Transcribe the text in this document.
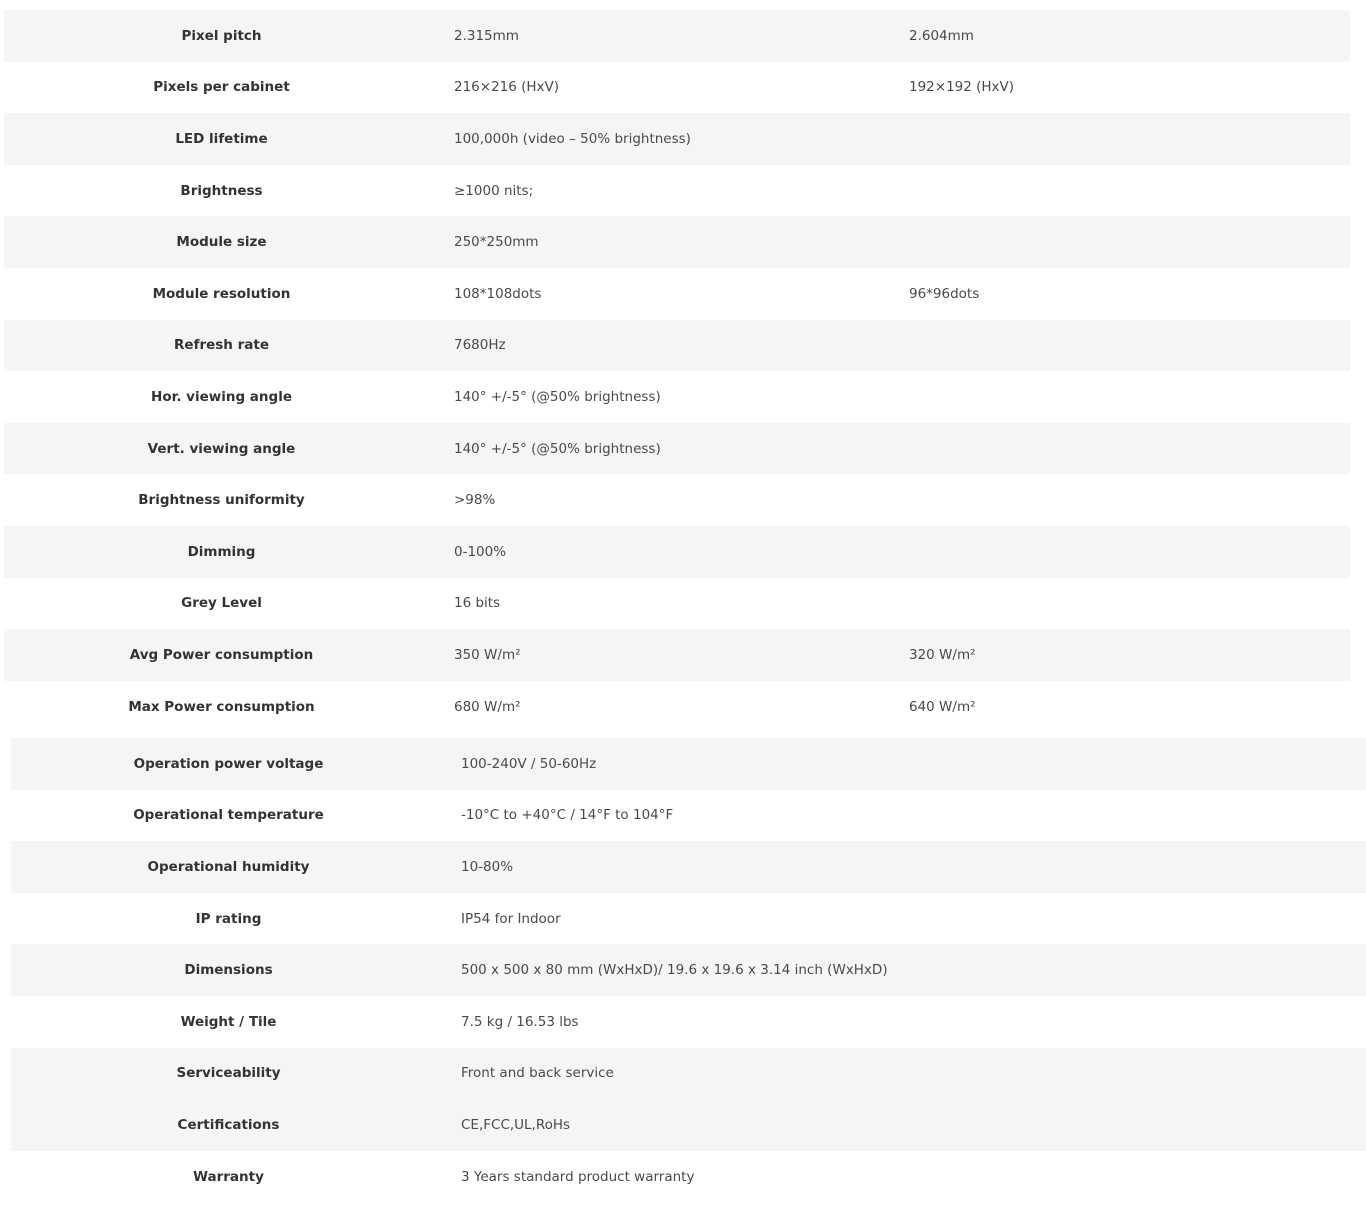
Pixel pitch	2.315mm	2.604mm
Pixels per cabinet	216×216 (HxV)	192×192 (HxV)
LED lifetime	100,000h (video – 50% brightness)	
Brightness	≥1000 nits;	
Module size	250*250mm	
Module resolution	108*108dots	96*96dots
Refresh rate	7680Hz	
Hor. viewing angle	140° +/-5° (@50% brightness)	
Vert. viewing angle	140° +/-5° (@50% brightness)	
Brightness uniformity	>98%	
Dimming	0-100%	
Grey Level	16 bits	
Avg Power consumption	350 W/m²	320 W/m²
Max Power consumption	680 W/m²	640 W/m²
Operation power voltage	100-240V / 50-60Hz
Operational temperature	-10°C to +40°C / 14°F to 104°F
Operational humidity	10-80%
IP rating	IP54 for Indoor
Dimensions	500 x 500 x 80 mm (WxHxD)/ 19.6 x 19.6 x 3.14 inch (WxHxD)
Weight / Tile	7.5 kg / 16.53 lbs
Serviceability	Front and back service
Certifications	CE,FCC,UL,RoHs
Warranty	3 Years standard product warranty
